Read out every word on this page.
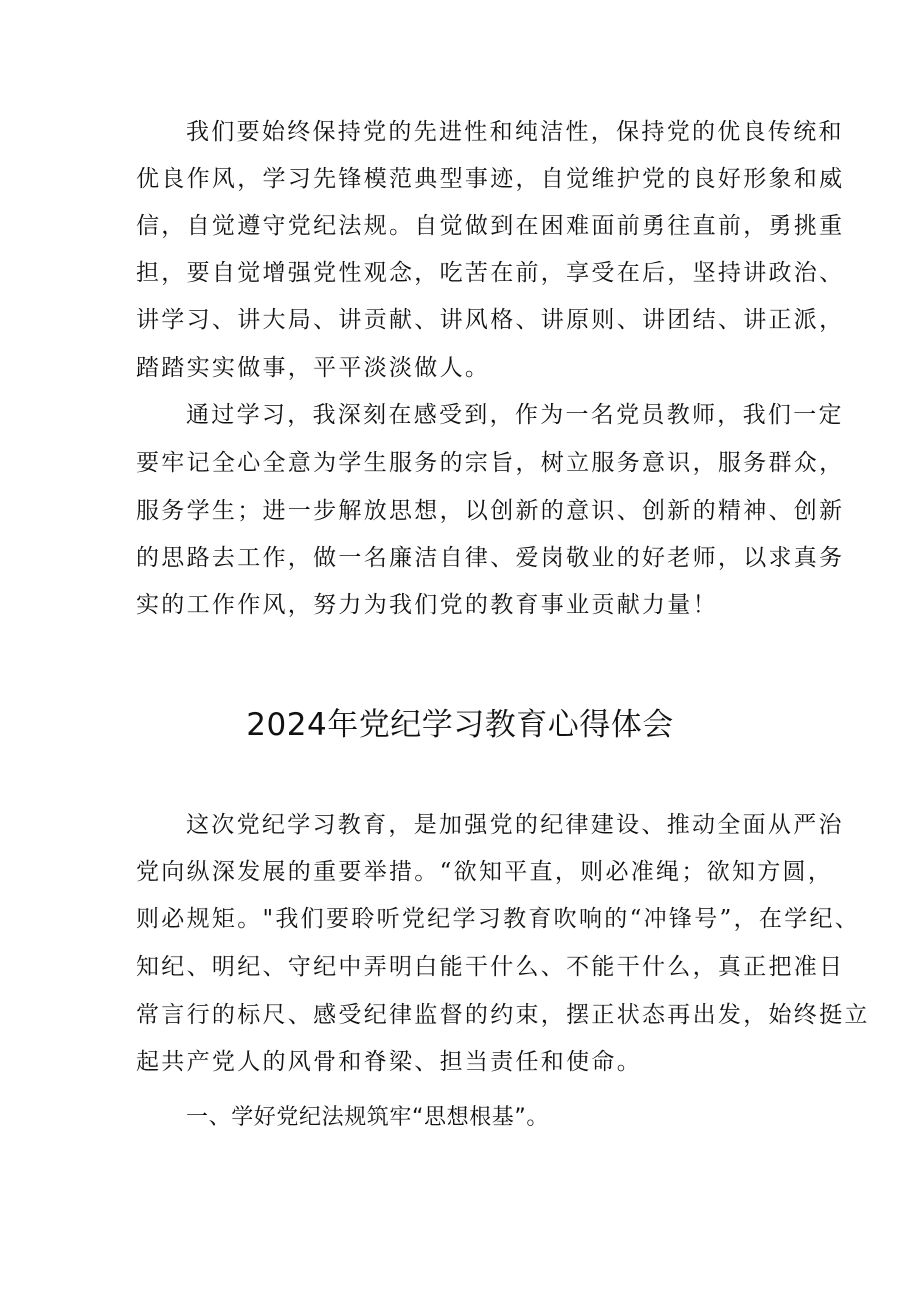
我们要始终保持党的先进性和纯洁性，保持党的优良传统和
优良作风，学习先锋模范典型事迹，自觉维护党的良好形象和威
信，自觉遵守党纪法规。自觉做到在困难面前勇往直前，勇挑重
担，要自觉增强党性观念，吃苦在前，享受在后，坚持讲政治、
讲学习、讲大局、讲贡献、讲风格、讲原则、讲团结、讲正派，
踏踏实实做事，平平淡淡做人。
通过学习，我深刻在感受到，作为一名党员教师，我们一定
要牢记全心全意为学生服务的宗旨，树立服务意识，服务群众，
服务学生；进一步解放思想，以创新的意识、创新的精神、创新
的思路去工作，做一名廉洁自律、爱岗敬业的好老师，以求真务
实的工作作风，努力为我们党的教育事业贡献力量！
2024年党纪学习教育心得体会
这次党纪学习教育，是加强党的纪律建设、推动全面从严治
党向纵深发展的重要举措。“欲知平直，则必准绳；欲知方圆，
则必规矩。"我们要聆听党纪学习教育吹响的“冲锋号”，在学纪、
知纪、明纪、守纪中弄明白能干什么、不能干什么，真正把准日
常言行的标尺、感受纪律监督的约束，摆正状态再出发，始终挺立
起共产党人的风骨和脊梁、担当责任和使命。
一、学好党纪法规筑牢“思想根基”。
